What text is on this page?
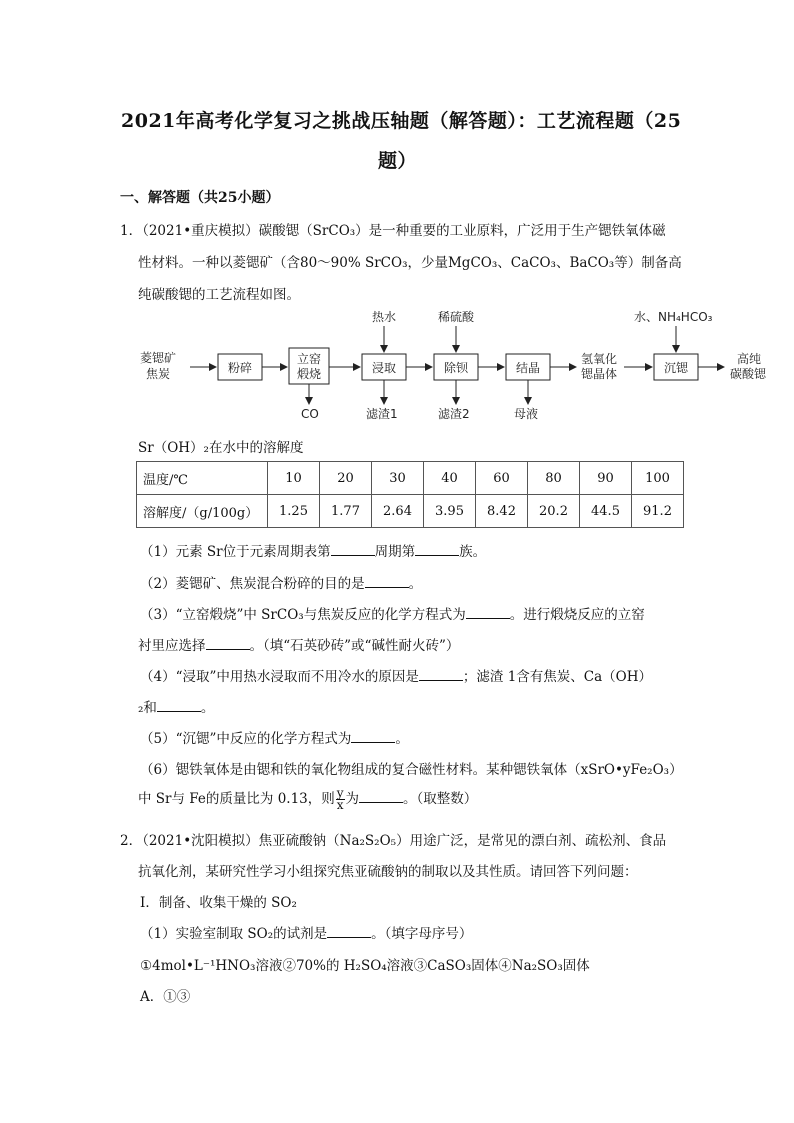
2021年高考化学复习之挑战压轴题（解答题）：工艺流程题（25
题）
一、解答题（共25小题）
1．（2021•重庆模拟）碳酸锶（SrCO₃）是一种重要的工业原料，广泛用于生产锶铁氧体磁
性材料。一种以菱锶矿（含80～90% SrCO₃，少量MgCO₃、CaCO₃、BaCO₃等）制备高
纯碳酸锶的工艺流程如图。
菱锶矿
焦炭	粉碎
立窑
煅烧	浸取	除钡	结晶
氢氧化
锶晶体	沉锶
高纯
碳酸锶
热水	稀硫酸	水、NH₄HCO₃
CO	滤渣1	滤渣2	母液
Sr（OH）₂在水中的溶解度
温度/℃	10	20	30	40	60	80	90	100
溶解度/（g/100g）	1.25	1.77	2.64	3.95	8.42	20.2	44.5	91.2
（1）元素 Sr位于元素周期表第	周期第	族。
（2）菱锶矿、焦炭混合粉碎的目的是	。
（3）“立窑煅烧”中 SrCO₃与焦炭反应的化学方程式为	。进行煅烧反应的立窑
衬里应选择	。（填“石英砂砖”或“碱性耐火砖”）
（4）“浸取”中用热水浸取而不用冷水的原因是	；滤渣 1含有焦炭、Ca（OH）
₂和	。
（5）“沉锶”中反应的化学方程式为	。
（6）锶铁氧体是由锶和铁的氧化物组成的复合磁性材料。某种锶铁氧体（xSrO•yFe₂O₃）
中 Sr与 Fe的质量比为 0.13，则 $\frac{y}{x}$ 为	。（取整数）
2．（2021•沈阳模拟）焦亚硫酸钠（Na₂S₂O₅）用途广泛，是常见的漂白剂、疏松剂、食品
抗氧化剂，某研究性学习小组探究焦亚硫酸钠的制取以及其性质。请回答下列问题：
Ⅰ．制备、收集干燥的 SO₂
（1）实验室制取 SO₂的试剂是	。（填字母序号）
①4mol•L⁻¹HNO₃溶液②70%的 H₂SO₄溶液③CaSO₃固体④Na₂SO₃固体
A．①③
